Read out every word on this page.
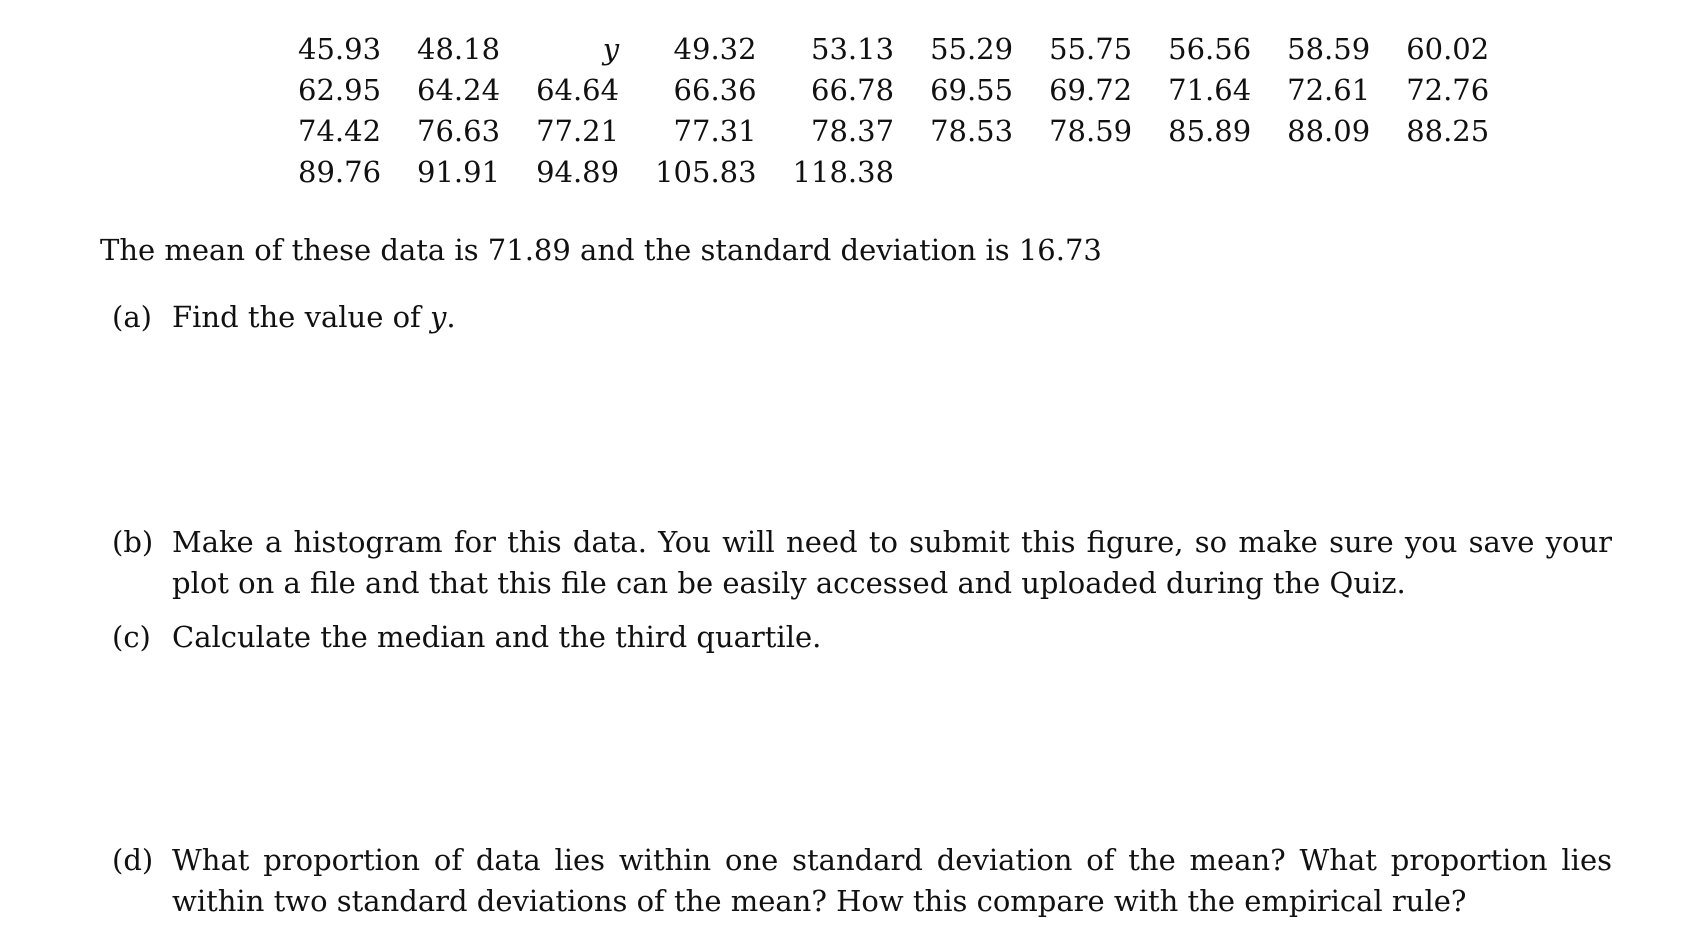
45.93	48.18	y	49.32	53.13	55.29	55.75	56.56	58.59	60.02
62.95	64.24	64.64	66.36	66.78	69.55	69.72	71.64	72.61	72.76
74.42	76.63	77.21	77.31	78.37	78.53	78.59	85.89	88.09	88.25
89.76	91.91	94.89	105.83	118.38					
The mean of these data is 71.89 and the standard deviation is 16.73
(a) Find the value of y.
(b) Make a histogram for this data. You will need to submit this figure, so make sure you save your
plot on a file and that this file can be easily accessed and uploaded during the Quiz.
(c) Calculate the median and the third quartile.
(d) What proportion of data lies within one standard deviation of the mean? What proportion lies
within two standard deviations of the mean? How this compare with the empirical rule?
